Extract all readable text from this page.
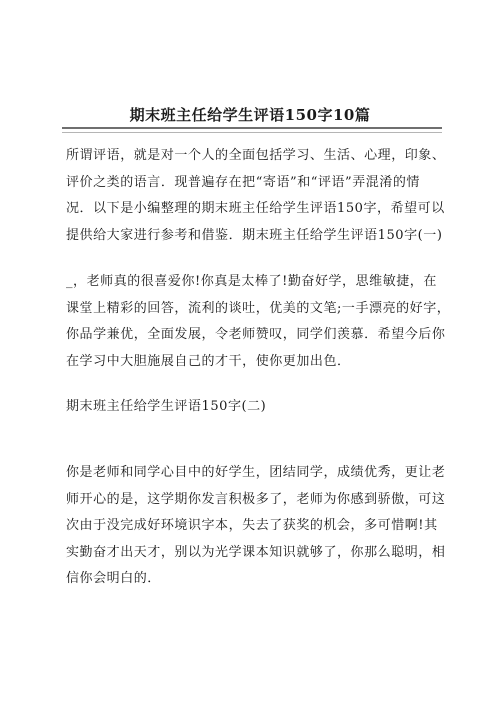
期末班主任给学生评语150字10篇
所谓评语，就是对一个人的全面包括学习、生活、心理，印象、
评价之类的语言．现普遍存在把“寄语”和“评语”弄混淆的情
况．以下是小编整理的期末班主任给学生评语150字，希望可以
提供给大家进行参考和借鉴．期末班主任给学生评语150字(一)
_，老师真的很喜爱你!你真是太棒了!勤奋好学，思维敏捷，在
课堂上精彩的回答，流利的谈吐，优美的文笔;一手漂亮的好字，
你品学兼优，全面发展，令老师赞叹，同学们羡慕．希望今后你
在学习中大胆施展自己的才干，使你更加出色．
期末班主任给学生评语150字(二)
你是老师和同学心目中的好学生，团结同学，成绩优秀，更让老
师开心的是，这学期你发言积极多了，老师为你感到骄傲，可这
次由于没完成好环境识字本，失去了获奖的机会，多可惜啊!其
实勤奋才出天才，别以为光学课本知识就够了，你那么聪明，相
信你会明白的．
